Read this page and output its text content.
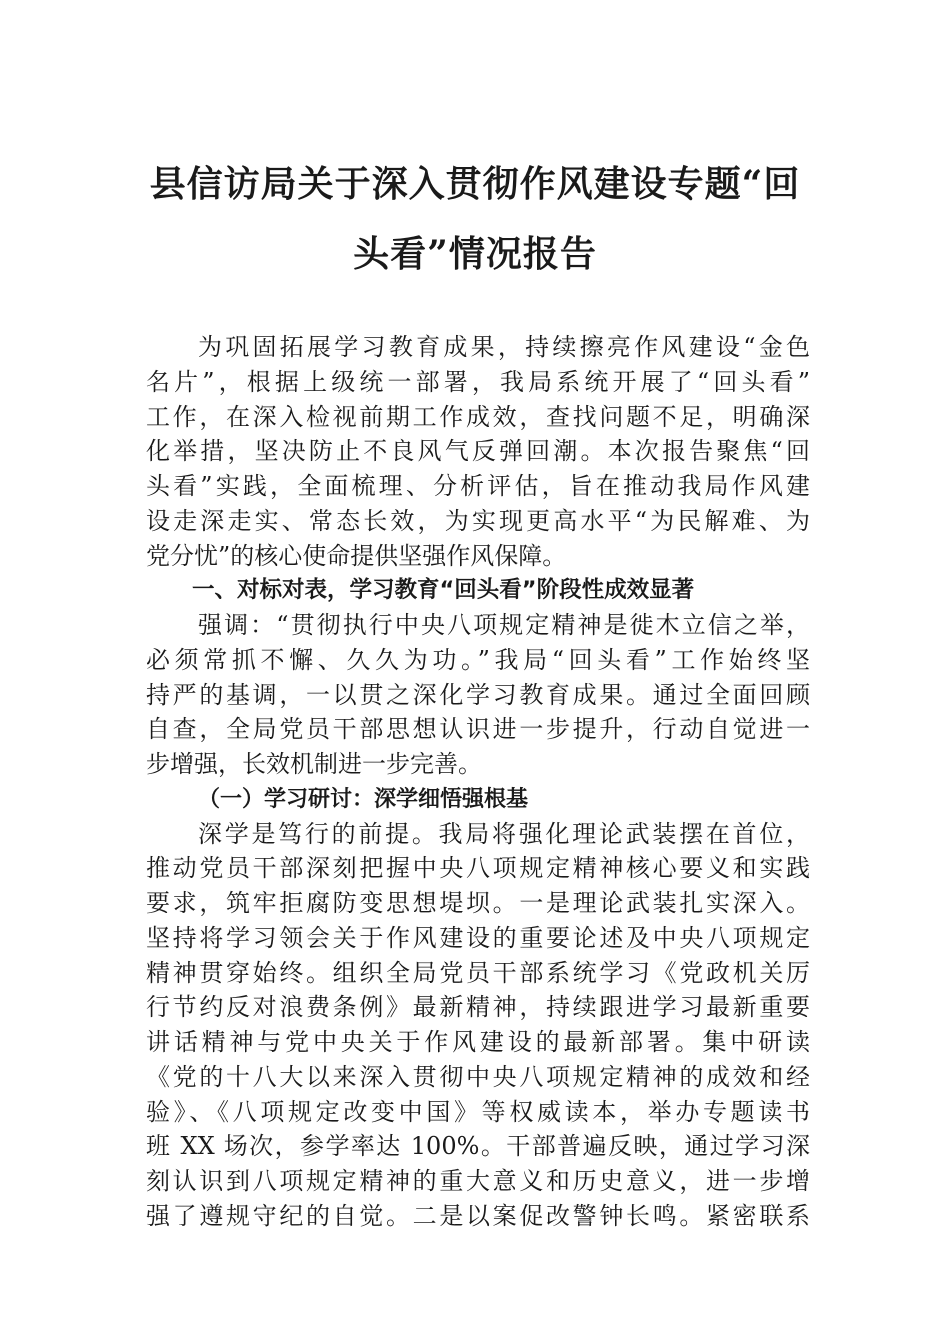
县信访局关于深入贯彻作风建设专题“回
头看”情况报告
为巩固拓展学习教育成果，持续擦亮作风建设“金色
名片”，根据上级统一部署，我局系统开展了“回头看”
工作，在深入检视前期工作成效，查找问题不足，明确深
化举措，坚决防止不良风气反弹回潮。本次报告聚焦“回
头看”实践，全面梳理、分析评估，旨在推动我局作风建
设走深走实、常态长效，为实现更高水平“为民解难、为
党分忧”的核心使命提供坚强作风保障。
一、对标对表，学习教育“回头看”阶段性成效显著
强调：“贯彻执行中央八项规定精神是徙木立信之举，
必须常抓不懈、久久为功。”我局“回头看”工作始终坚
持严的基调，一以贯之深化学习教育成果。通过全面回顾
自查，全局党员干部思想认识进一步提升，行动自觉进一
步增强，长效机制进一步完善。
（一）学习研讨：深学细悟强根基
深学是笃行的前提。我局将强化理论武装摆在首位，
推动党员干部深刻把握中央八项规定精神核心要义和实践
要求，筑牢拒腐防变思想堤坝。一是理论武装扎实深入。
坚持将学习领会关于作风建设的重要论述及中央八项规定
精神贯穿始终。组织全局党员干部系统学习《党政机关厉
行节约反对浪费条例》最新精神，持续跟进学习最新重要
讲话精神与党中央关于作风建设的最新部署。集中研读
《党的十八大以来深入贯彻中央八项规定精神的成效和经
验》、《八项规定改变中国》等权威读本，举办专题读书
班 XX 场次，参学率达 100%。干部普遍反映，通过学习深
刻认识到八项规定精神的重大意义和历史意义，进一步增
强了遵规守纪的自觉。二是以案促改警钟长鸣。紧密联系
